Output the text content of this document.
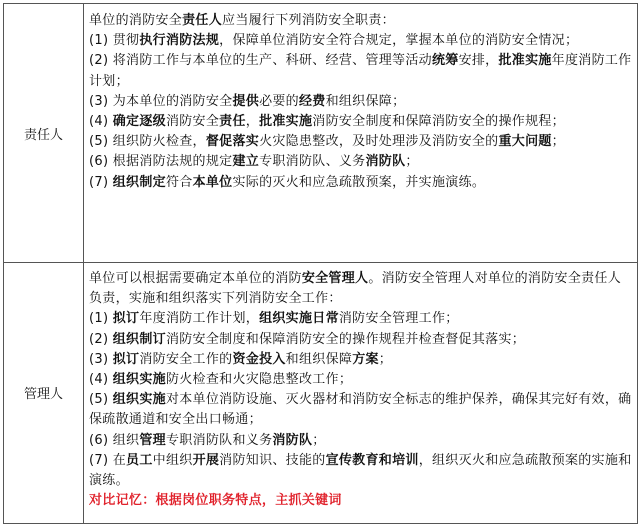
责任人

单位的消防安全责任人应当履行下列消防安全职责：

(1) 贯彻执行消防法规，保障单位消防安全符合规定，掌握本单位的消防安全情况；

(2) 将消防工作与本单位的生产、科研、经营、管理等活动统筹安排，批准实施年度消防工作计划；

(3) 为本单位的消防安全提供必要的经费和组织保障；

(4) 确定逐级消防安全责任，批准实施消防安全制度和保障消防安全的操作规程；

(5) 组织防火检查，督促落实火灾隐患整改，及时处理涉及消防安全的重大问题；

(6) 根据消防法规的规定建立专职消防队、义务消防队；

(7) 组织制定符合本单位实际的灭火和应急疏散预案，并实施演练。

管理人

单位可以根据需要确定本单位的消防安全管理人。消防安全管理人对单位的消防安全责任人负责，实施和组织落实下列消防安全工作：

(1) 拟订年度消防工作计划，组织实施日常消防安全管理工作；

(2) 组织制订消防安全制度和保障消防安全的操作规程并检查督促其落实；

(3) 拟订消防安全工作的资金投入和组织保障方案；

(4) 组织实施防火检查和火灾隐患整改工作；

(5) 组织实施对本单位消防设施、灭火器材和消防安全标志的维护保养，确保其完好有效，确保疏散通道和安全出口畅通；

(6) 组织管理专职消防队和义务消防队；

(7) 在员工中组织开展消防知识、技能的宣传教育和培训，组织灭火和应急疏散预案的实施和演练。

对比记忆：根据岗位职务特点，主抓关键词
